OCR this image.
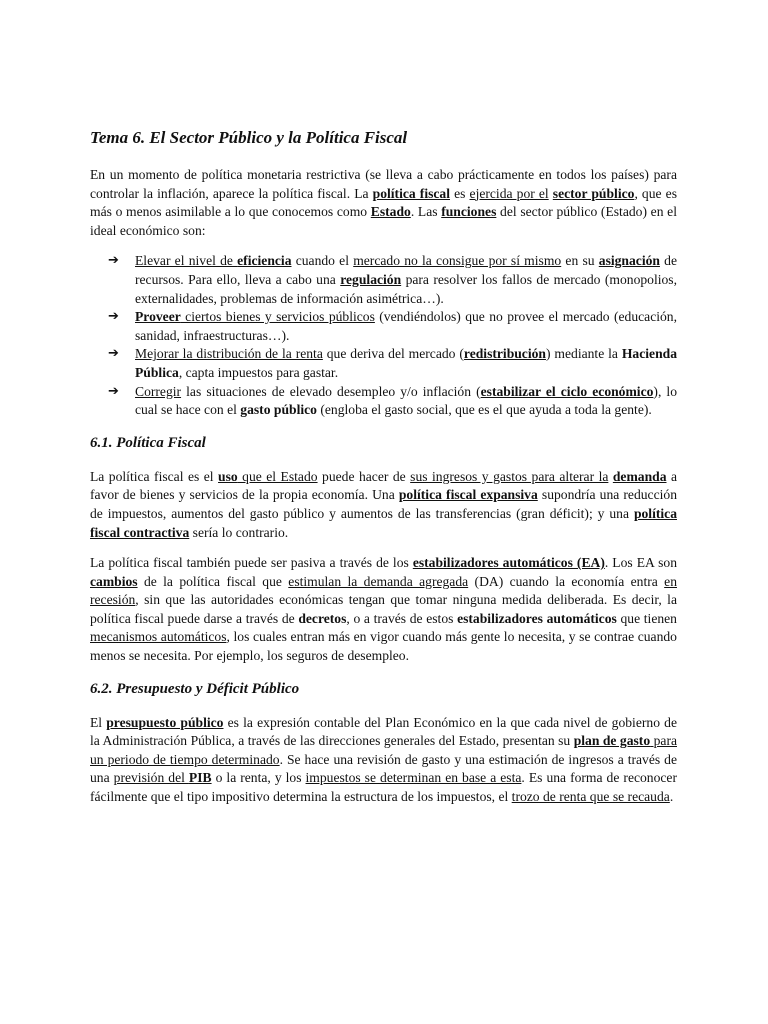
Tema 6. El Sector Público y la Política Fiscal

En un momento de política monetaria restrictiva (se lleva a cabo prácticamente en todos los países) para controlar la inflación, aparece la política fiscal. La política fiscal es ejercida por el sector público, que es más o menos asimilable a lo que conocemos como Estado. Las funciones del sector público (Estado) en el ideal económico son:

➔ Elevar el nivel de eficiencia cuando el mercado no la consigue por sí mismo en su asignación de recursos. Para ello, lleva a cabo una regulación para resolver los fallos de mercado (monopolios, externalidades, problemas de información asimétrica…).
➔ Proveer ciertos bienes y servicios públicos (vendiéndolos) que no provee el mercado (educación, sanidad, infraestructuras…).
➔ Mejorar la distribución de la renta que deriva del mercado (redistribución) mediante la Hacienda Pública, capta impuestos para gastar.
➔ Corregir las situaciones de elevado desempleo y/o inflación (estabilizar el ciclo económico), lo cual se hace con el gasto público (engloba el gasto social, que es el que ayuda a toda la gente).
6.1. Política Fiscal

La política fiscal es el uso que el Estado puede hacer de sus ingresos y gastos para alterar la demanda a favor de bienes y servicios de la propia economía. Una política fiscal expansiva supondría una reducción de impuestos, aumentos del gasto público y aumentos de las transferencias (gran déficit); y una política fiscal contractiva sería lo contrario.

La política fiscal también puede ser pasiva a través de los estabilizadores automáticos (EA). Los EA son cambios de la política fiscal que estimulan la demanda agregada (DA) cuando la economía entra en recesión, sin que las autoridades económicas tengan que tomar ninguna medida deliberada. Es decir, la política fiscal puede darse a través de decretos, o a través de estos estabilizadores automáticos que tienen mecanismos automáticos, los cuales entran más en vigor cuando más gente lo necesita, y se contrae cuando menos se necesita. Por ejemplo, los seguros de desempleo.

6.2. Presupuesto y Déficit Público

El presupuesto público es la expresión contable del Plan Económico en la que cada nivel de gobierno de la Administración Pública, a través de las direcciones generales del Estado, presentan su plan de gasto para un periodo de tiempo determinado. Se hace una revisión de gasto y una estimación de ingresos a través de una previsión del PIB o la renta, y los impuestos se determinan en base a esta. Es una forma de reconocer fácilmente que el tipo impositivo determina la estructura de los impuestos, el trozo de renta que se recauda.
